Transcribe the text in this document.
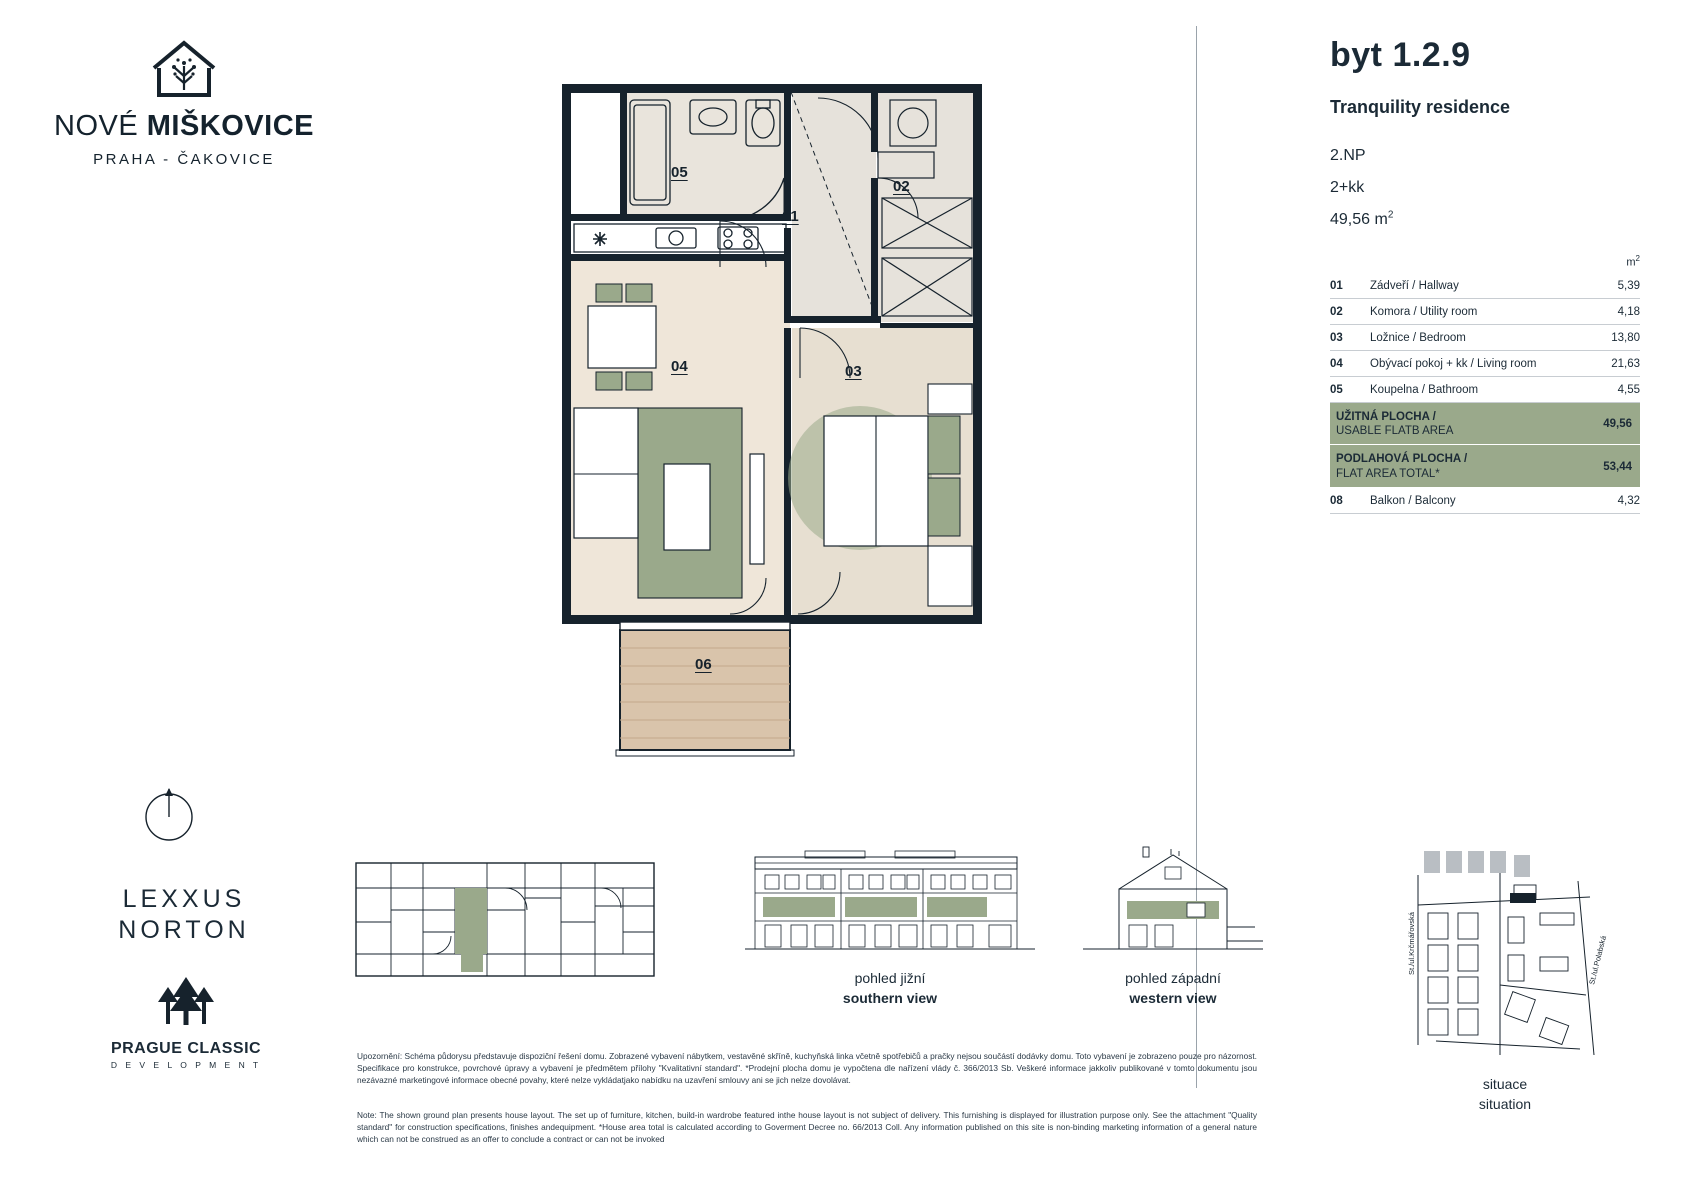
NOVÉ MIŠKOVICE
PRAHA - ČAKOVICE
LEXXUS
NORTON
PRAGUE CLASSIC
D E V E L O P M E N T
05
01
02
04	03
06
byt 1.2.9
Tranquility residence
2.NP
2+kk
49,56 $m^2$
$m^2$
01	Zádveří / Hallway	5,39
02	Komora / Utility room	4,18
03	Ložnice / Bedroom	13,80
04	Obývací pokoj + kk / Living room	21,63
05	Koupelna / Bathroom	4,55
UŽITNÁ PLOCHA /
USABLE FLATB AREA		49,56
PODLAHOVÁ PLOCHA /
FLAT AREA TOTAL*		53,44
08	Balkon / Balcony	4,32
pohled jižní
southern view
pohled západní
western view
St./ul.Krčmářovská	St./ul.Polabská
situace
situation
Upozornění: Schéma půdorysu představuje dispoziční řešení domu. Zobrazené vybavení nábytkem, vestavěné skříně, kuchyňská linka včetně spotřebičů a pračky nejsou součástí dodávky domu. Toto vybavení je zobrazeno pouze pro názornost. Specifikace pro konstrukce, povrchové úpravy a vybavení je předmětem přílohy "Kvalitativní standard". *Prodejní plocha domu je vypočtena dle nařízení vlády č. 366/2013 Sb. Veškeré informace jakkoliv publikované v tomto dokumentu jsou nezávazné marketingové informace obecné povahy, které nelze vykládatjako nabídku na uzavření smlouvy ani se jich nelze dovolávat.
Note: The shown ground plan presents house layout. The set up of furniture, kitchen, build-in wardrobe featured inthe house layout is not subject of delivery. This furnishing is displayed for illustration purpose only. See the attachment "Quality standard" for construction specifications, finishes andequipment. *House area total is calculated according to Goverment Decree no. 66/2013 Coll. Any information published on this site is non-binding marketing information of a general nature which can not be construed as an offer to conclude a contract or can not be invoked
